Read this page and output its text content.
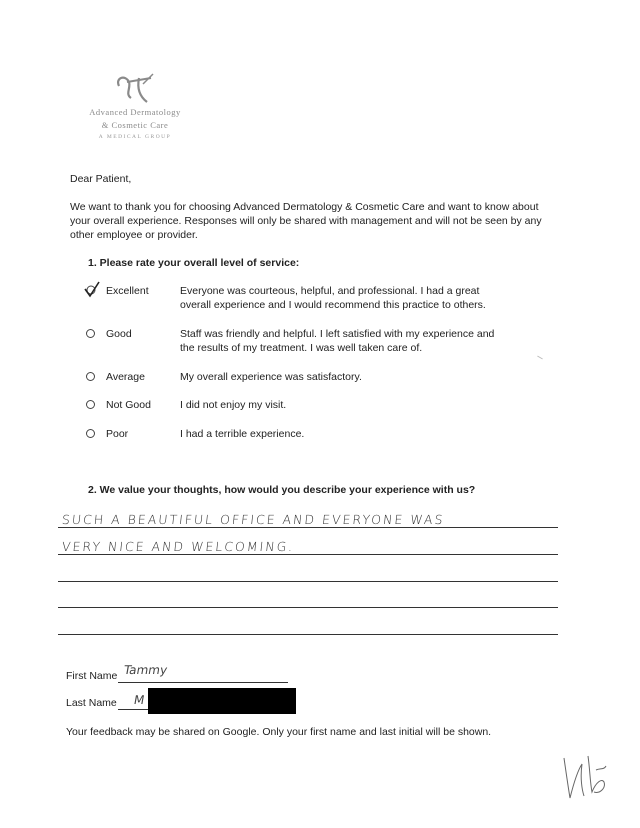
Advanced Dermatology
& Cosmetic Care
A MEDICAL GROUP
Dear Patient,

We want to thank you for choosing Advanced Dermatology & Cosmetic Care and want to know about

your overall experience. Responses will only be shared with management and will not be seen by any

other employee or provider.

1. Please rate your overall level of service:
Excellent	Everyone was courteous, helpful, and professional. I had a great
overall experience and I would recommend this practice to others.
Good	Staff was friendly and helpful. I left satisfied with my experience and
the results of my treatment. I was well taken care of.
Average	My overall experience was satisfactory.
Not Good	I did not enjoy my visit.
Poor	I had a terrible experience.
2. We value your thoughts, how would you describe your experience with us?
SUCH A BEAUTIFUL OFFICE AND EVERYONE WAS
VERY NICE AND WELCOMING.
First Name Tammy
Last Name M
Your feedback may be shared on Google. Only your first name and last initial will be shown.
